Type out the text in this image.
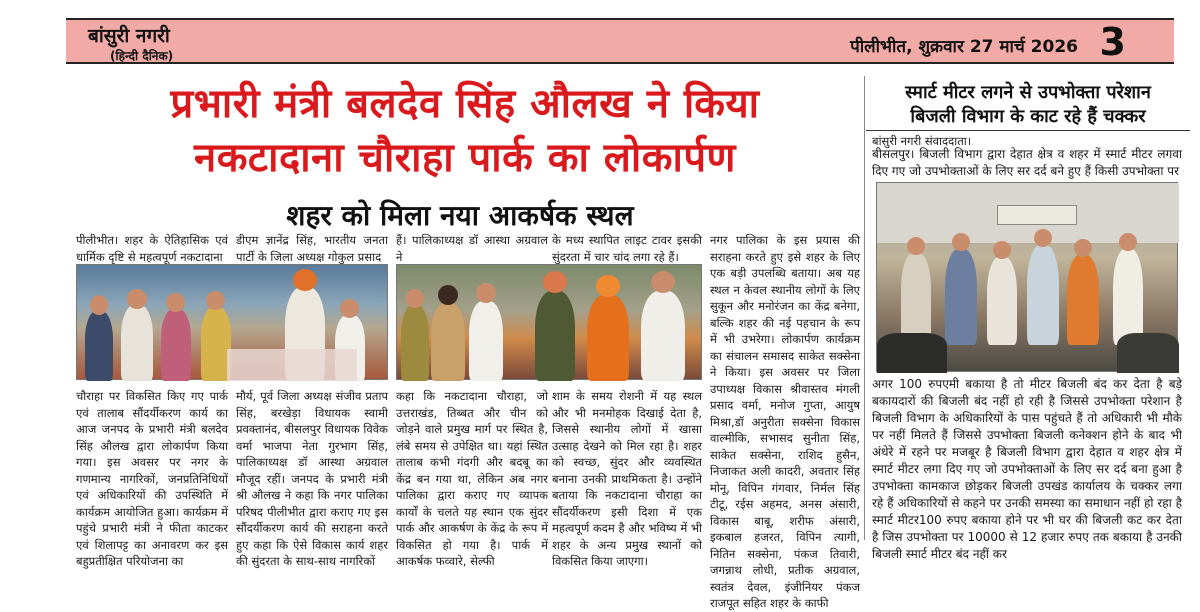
बांसुरी नगरी
(हिन्दी दैनिक)	पीलीभीत, शुक्रवार 27 मार्च 2026 3
प्रभारी मंत्री बलदेव सिंह औलख ने किया
नकटादाना चौराहा पार्क का लोकार्पण
शहर को मिला नया आकर्षक स्थल
पीलीभीत। शहर के ऐतिहासिक एवं धार्मिक दृष्टि से महत्वपूर्ण नकटादाना
डीएम ज्ञानेंद्र सिंह, भारतीय जनता पार्टी के जिला अध्यक्ष गोकुल प्रसाद
हैं। पालिकाध्यक्ष डॉ आस्था अग्रवाल ने
के मध्य स्थापित लाइट टावर इसकी सुंदरता में चार चांद लगा रहे हैं।
नगर पालिका के इस प्रयास की सराहना करते हुए इसे शहर के लिए एक बड़ी उपलब्धि बताया। अब यह स्थल न केवल स्थानीय लोगों के लिए सुकून और मनोरंजन का केंद्र बनेगा, बल्कि शहर की नई पहचान के रूप में भी उभरेगा। लोकार्पण कार्यक्रम का संचालन समासद साकेत सक्सेना ने किया। इस अवसर पर जिला उपाध्यक्ष विकास श्रीवास्तव मंगली प्रसाद वर्मा, मनोज गुप्ता, आयुष मिश्रा,डॉ अनुरीता सक्सेना विकास वाल्मीकि, सभासद सुनीता सिंह, साकेत सक्सेना, राशिद हुसैन, निजाकत अली कादरी, अवतार सिंह मोनू, विपिन गंगवार, निर्मल सिंह टीटू, रईस अहमद, अनस अंसारी, विकास बाबू, शरीफ अंसारी, इकबाल हजरत, विपिन त्यागी, नितिन सक्सेना, पंकज तिवारी, जगन्नाथ लोधी, प्रतीक अग्रवाल, स्वतंत्र देवल, इंजीनियर पंकज राजपूत सहित शहर के काफी
चौराहा पर विकसित किए गए पार्क एवं तालाब सौंदर्यीकरण कार्य का आज जनपद के प्रभारी मंत्री बलदेव सिंह औलख द्वारा लोकार्पण किया गया। इस अवसर पर नगर के गणमान्य नागरिकों, जनप्रतिनिधियों एवं अधिकारियों की उपस्थिति में कार्यक्रम आयोजित हुआ। कार्यक्रम में पहुंचे प्रभारी मंत्री ने फीता काटकर एवं शिलापट्ट का अनावरण कर इस बहुप्रतीक्षित परियोजना का
मौर्य, पूर्व जिला अध्यक्ष संजीव प्रताप सिंह, बरखेड़ा विधायक स्वामी प्रवक्तानंद, बीसलपुर विधायक विवेक वर्मा भाजपा नेता गुरभाग सिंह, पालिकाध्यक्ष डॉ आस्था अग्रवाल मौजूद रहीं। जनपद के प्रभारी मंत्री श्री औलख ने कहा कि नगर पालिका परिषद पीलीभीत द्वारा कराए गए इस सौंदर्यीकरण कार्य की सराहना करते हुए कहा कि ऐसे विकास कार्य शहर की सुंदरता के साथ-साथ नागरिकों
कहा कि नकटादाना चौराहा, जो उत्तराखंड, तिब्बत और चीन को जोड़ने वाले प्रमुख मार्ग पर स्थित है, लंबे समय से उपेक्षित था। यहां स्थित तालाब कभी गंदगी और बदबू का केंद्र बन गया था, लेकिन अब नगर पालिका द्वारा कराए गए व्यापक कार्यों के चलते यह स्थान एक सुंदर पार्क और आकर्षण के केंद्र के रूप में विकसित हो गया है। पार्क में आकर्षक फव्वारे, सेल्फी
शाम के समय रोशनी में यह स्थल और भी मनमोहक दिखाई देता है, जिससे स्थानीय लोगों में खासा उत्साह देखने को मिल रहा है। शहर को स्वच्छ, सुंदर और व्यवस्थित बनाना उनकी प्राथमिकता है। उन्होंने बताया कि नकटादाना चौराहा का सौंदर्यीकरण इसी दिशा में एक महत्वपूर्ण कदम है और भविष्य में भी शहर के अन्य प्रमुख स्थानों को विकसित किया जाएगा।
स्मार्ट मीटर लगने से उपभोक्ता परेशान
बिजली विभाग के काट रहे हैं चक्कर
बांसुरी नगरी संवाददाता।
बीसलपुर। बिजली विभाग द्वारा देहात क्षेत्र व शहर में स्मार्ट मीटर लगवा दिए गए जो उपभोक्ताओं के लिए सर दर्द बने हुए हैं किसी उपभोक्ता पर
अगर 100 रुपएमी बकाया है तो मीटर बिजली बंद कर देता है बड़े बकायदारों की बिजली बंद नहीं हो रही है जिससे उपभोक्ता परेशान है बिजली विभाग के अधिकारियों के पास पहुंचते हैं तो अधिकारी भी मौके पर नहीं मिलते हैं जिससे उपभोक्ता बिजली कनेक्शन होने के बाद भी अंधेरे में रहने पर मजबूर है बिजली विभाग द्वारा देहात व शहर क्षेत्र में स्मार्ट मीटर लगा दिए गए जो उपभोक्ताओं के लिए सर दर्द बना हुआ है उपभोक्ता कामकाज छोड़कर बिजली उपखंड कार्यालय के चक्कर लगा रहे हैं अधिकारियों से कहने पर उनकी समस्या का समाधान नहीं हो रहा है स्मार्ट मीटर100 रुपए बकाया होने पर भी घर की बिजली कट कर देता है जिस उपभोक्ता पर 10000 से 12 हजार रुपए तक बकाया है उनकी बिजली स्मार्ट मीटर बंद नहीं कर
